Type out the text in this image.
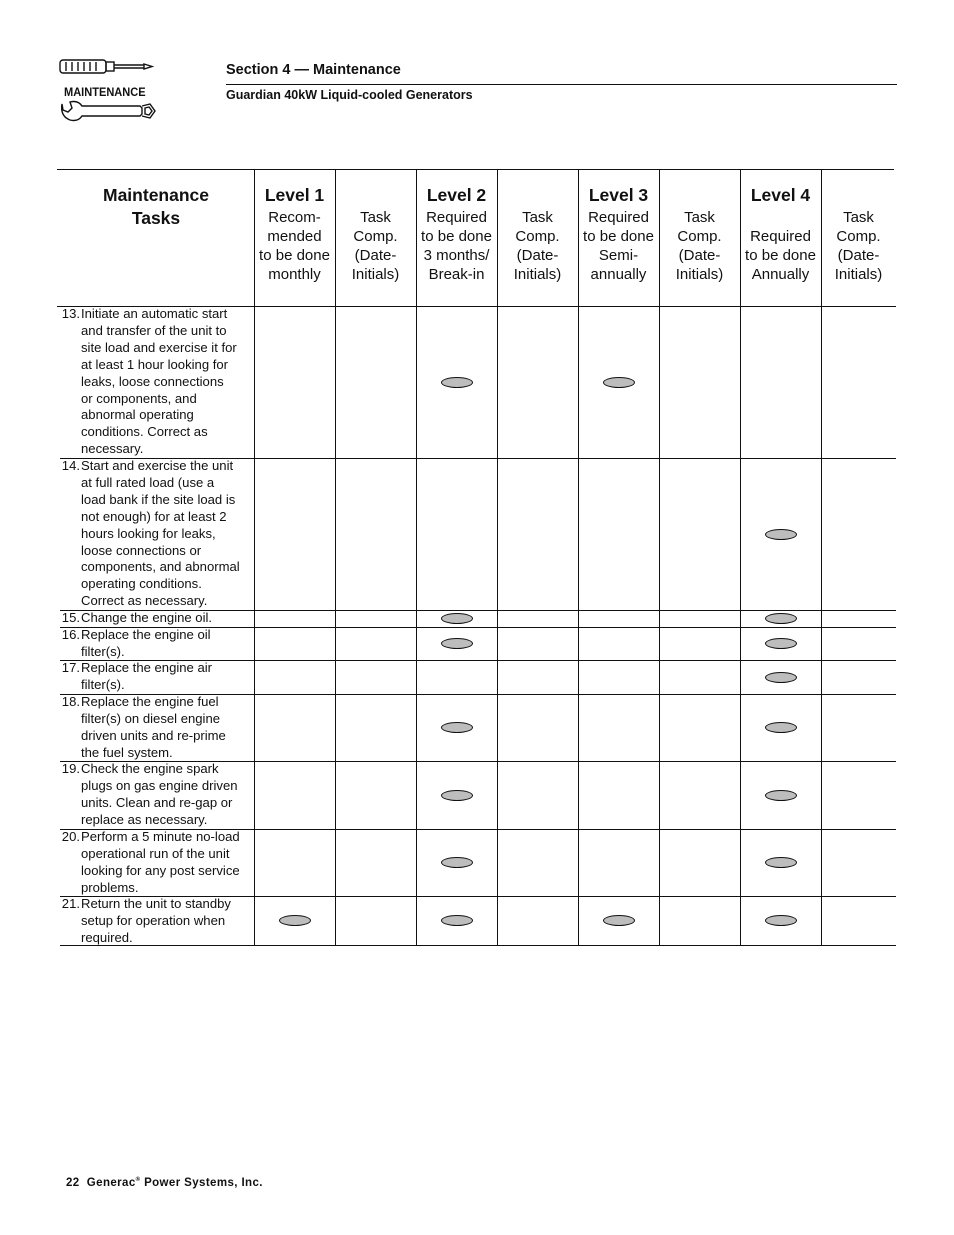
MAINTENANCE
Section 4 — Maintenance
Guardian 40kW Liquid-cooled Generators
Maintenance
Tasks
Level 1
Recom-
mended
to be done
monthly

Task
Comp.
(Date-
Initials)
Level 2
Required
to be done
3 months/
Break-in

Task
Comp.
(Date-
Initials)
Level 3
Required
to be done
Semi-
annually

Task
Comp.
(Date-
Initials)
Level 4

Required
to be done
Annually

Task
Comp.
(Date-
Initials)
13. Initiate an automatic start
and transfer of the unit to
site load and exercise it for
at least 1 hour looking for
leaks, loose connections
or components, and
abnormal operating
conditions. Correct as
necessary.
14. Start and exercise the unit
at full rated load (use a
load bank if the site load is
not enough) for at least 2
hours looking for leaks,
loose connections or
components, and abnormal
operating conditions.
Correct as necessary.
15. Change the engine oil.
16. Replace the engine oil
filter(s).
17. Replace the engine air
filter(s).
18. Replace the engine fuel
filter(s) on diesel engine
driven units and re-prime
the fuel system.
19. Check the engine spark
plugs on gas engine driven
units. Clean and re-gap or
replace as necessary.
20. Perform a 5 minute no-load
operational run of the unit
looking for any post service
problems.
21. Return the unit to standby
setup for operation when
required.
22 Generac® Power Systems, Inc.
